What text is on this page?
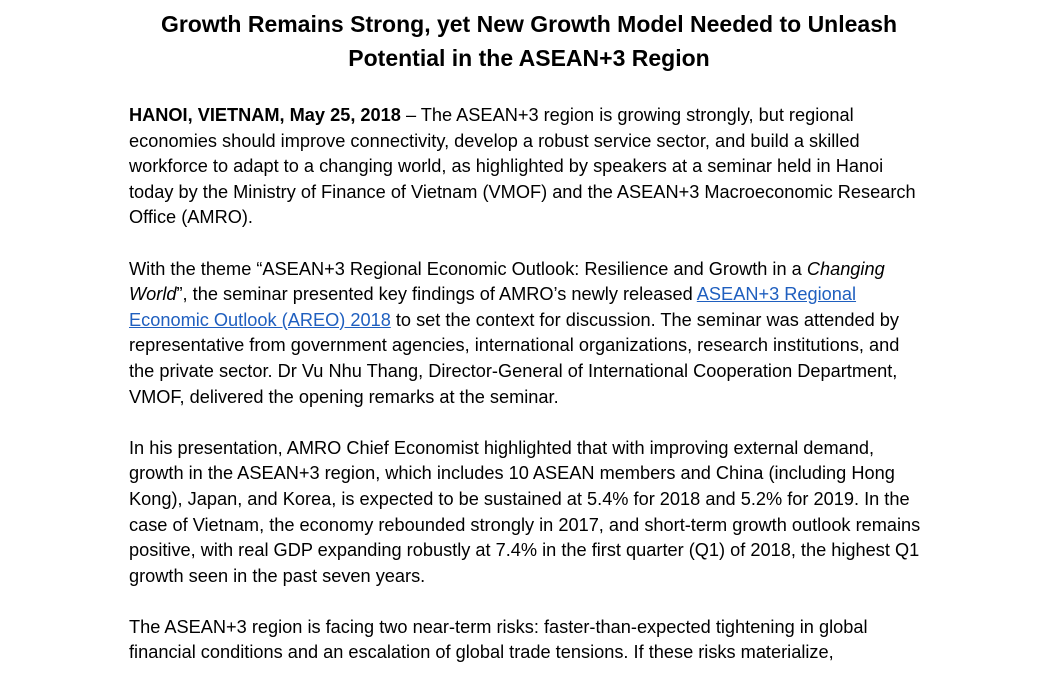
Growth Remains Strong, yet New Growth Model Needed to Unleash
Potential in the ASEAN+3 Region

HANOI, VIETNAM, May 25, 2018 – The ASEAN+3 region is growing strongly, but regional economies should improve connectivity, develop a robust service sector, and build a skilled workforce to adapt to a changing world, as highlighted by speakers at a seminar held in Hanoi today by the Ministry of Finance of Vietnam (VMOF) and the ASEAN+3 Macroeconomic Research Office (AMRO).

With the theme “ASEAN+3 Regional Economic Outlook: Resilience and Growth in a Changing World”, the seminar presented key findings of AMRO’s newly released ASEAN+3 Regional Economic Outlook (AREO) 2018 to set the context for discussion. The seminar was attended by representative from government agencies, international organizations, research institutions, and the private sector. Dr Vu Nhu Thang, Director-General of International Cooperation Department, VMOF, delivered the opening remarks at the seminar.

In his presentation, AMRO Chief Economist highlighted that with improving external demand, growth in the ASEAN+3 region, which includes 10 ASEAN members and China (including Hong Kong), Japan, and Korea, is expected to be sustained at 5.4% for 2018 and 5.2% for 2019. In the case of Vietnam, the economy rebounded strongly in 2017, and short-term growth outlook remains positive, with real GDP expanding robustly at 7.4% in the first quarter (Q1) of 2018, the highest Q1 growth seen in the past seven years.

The ASEAN+3 region is facing two near-term risks: faster-than-expected tightening in global financial conditions and an escalation of global trade tensions. If these risks materialize,
